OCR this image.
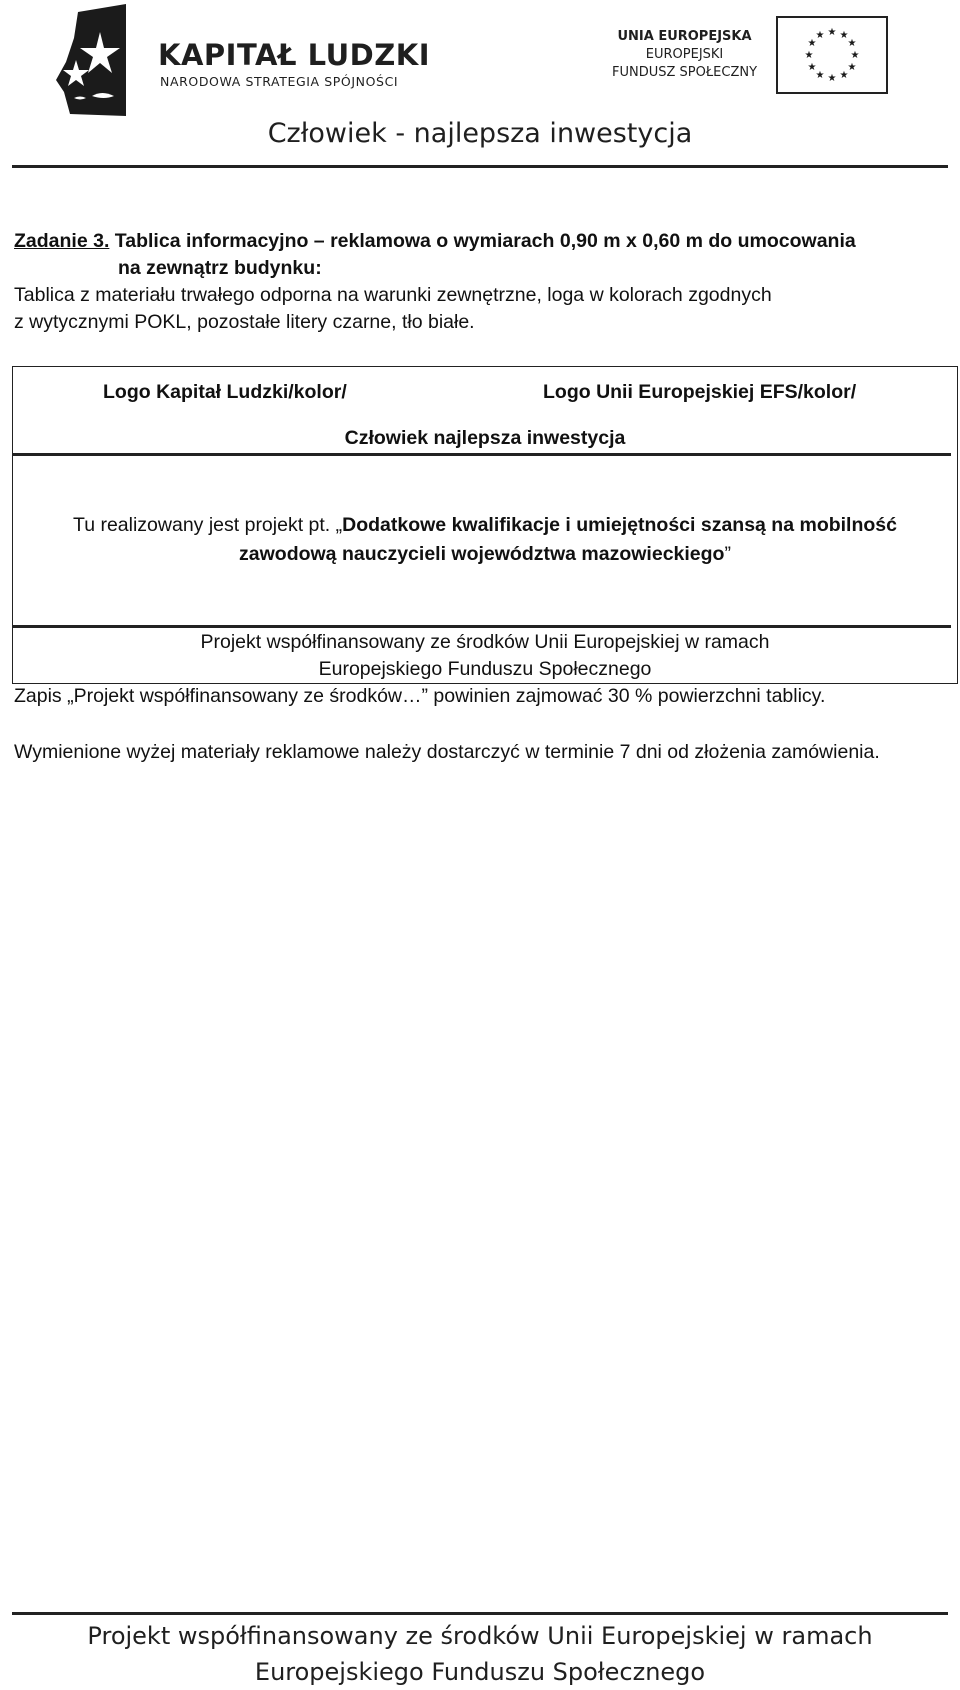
KAPITAŁ LUDZKI
NARODOWA STRATEGIA SPÓJNOŚCI
UNIA EUROPEJSKA
EUROPEJSKI
FUNDUSZ SPOŁECZNY
★ ★
★
★
★
★
★
★
★
★
★
★
Człowiek - najlepsza inwestycja
Zadanie 3. Tablica informacyjno – reklamowa o wymiarach 0,90 m x 0,60 m do umocowania
na zewnątrz budynku:
Tablica z materiału trwałego odporna na warunki zewnętrzne, loga w kolorach zgodnych
z wytycznymi POKL, pozostałe litery czarne, tło białe.
Logo Kapitał Ludzki/kolor/	Logo Unii Europejskiej EFS/kolor/
Człowiek najlepsza inwestycja
Tu realizowany jest projekt pt. „Dodatkowe kwalifikacje i umiejętności szansą na mobilność
zawodową nauczycieli województwa mazowieckiego”
Projekt współfinansowany ze środków Unii Europejskiej w ramach
Europejskiego Funduszu Społecznego
Zapis „Projekt współfinansowany ze środków…” powinien zajmować 30 % powierzchni tablicy.
Wymienione wyżej materiały reklamowe należy dostarczyć w terminie 7 dni od złożenia zamówienia.
Projekt współfinansowany ze środków Unii Europejskiej w ramach
Europejskiego Funduszu Społecznego
